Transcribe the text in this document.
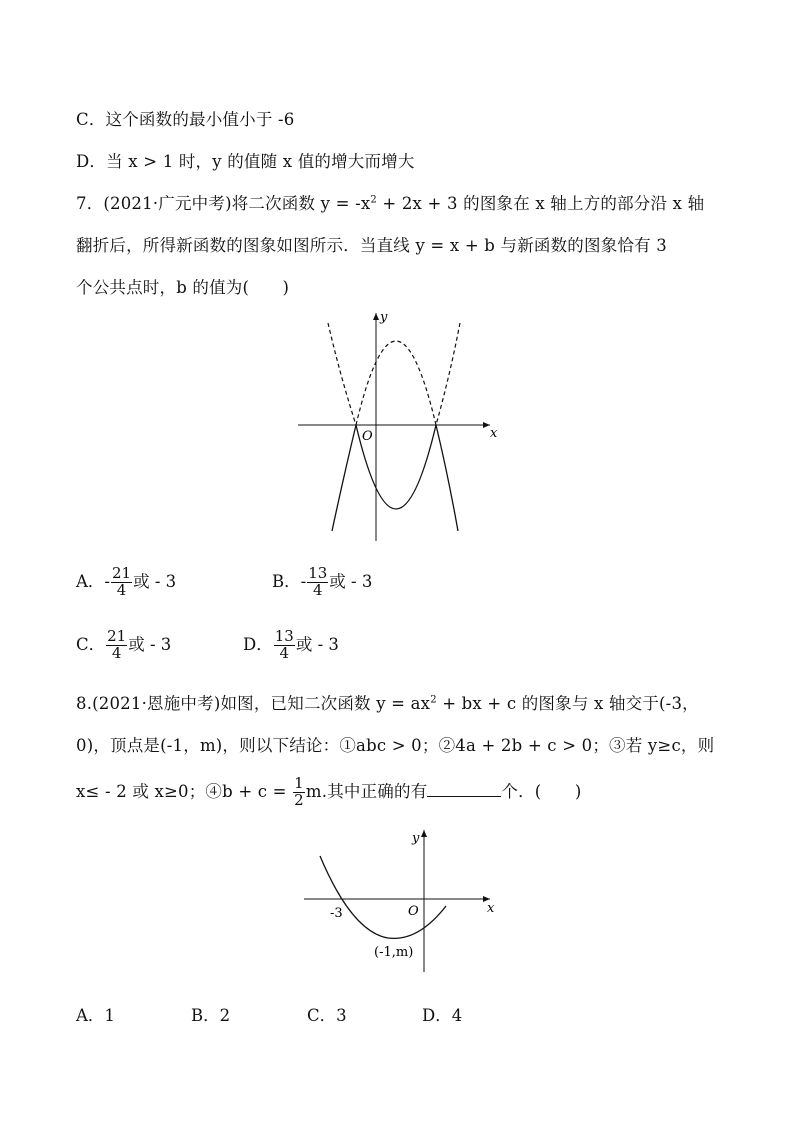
C．这个函数的最小值小于 -6
D．当 x > 1 时，y 的值随 x 值的增大而增大
7．(2021·广元中考)将二次函数 $y = -x^2 + 2x + 3$ 的图象在 x 轴上方的部分沿 x 轴
翻折后，所得新函数的图象如图所示．当直线 y = x + b 与新函数的图象恰有 3
个公共点时，b 的值为(　　)
y
x
O
A．- $\frac{21}{4}$ 或 - 3	B．- $\frac{13}{4}$ 或 - 3
C． $\frac{21}{4}$ 或 - 3	D． $\frac{13}{4}$ 或 - 3
8.(2021·恩施中考)如图，已知二次函数 $y = ax^2$ + bx + c 的图象与 x 轴交于(-3，
0)，顶点是(-1，m)，则以下结论：①abc > 0；②4a + 2b + c > 0；③若 y≥c，则
x≤ - 2 或 x≥0；④b + $c = \frac{1}{2} m$.其中正确的有	个．(　　)
y
x
O
-3
(-1,m)
A．1	B．2	C．3	D．4
